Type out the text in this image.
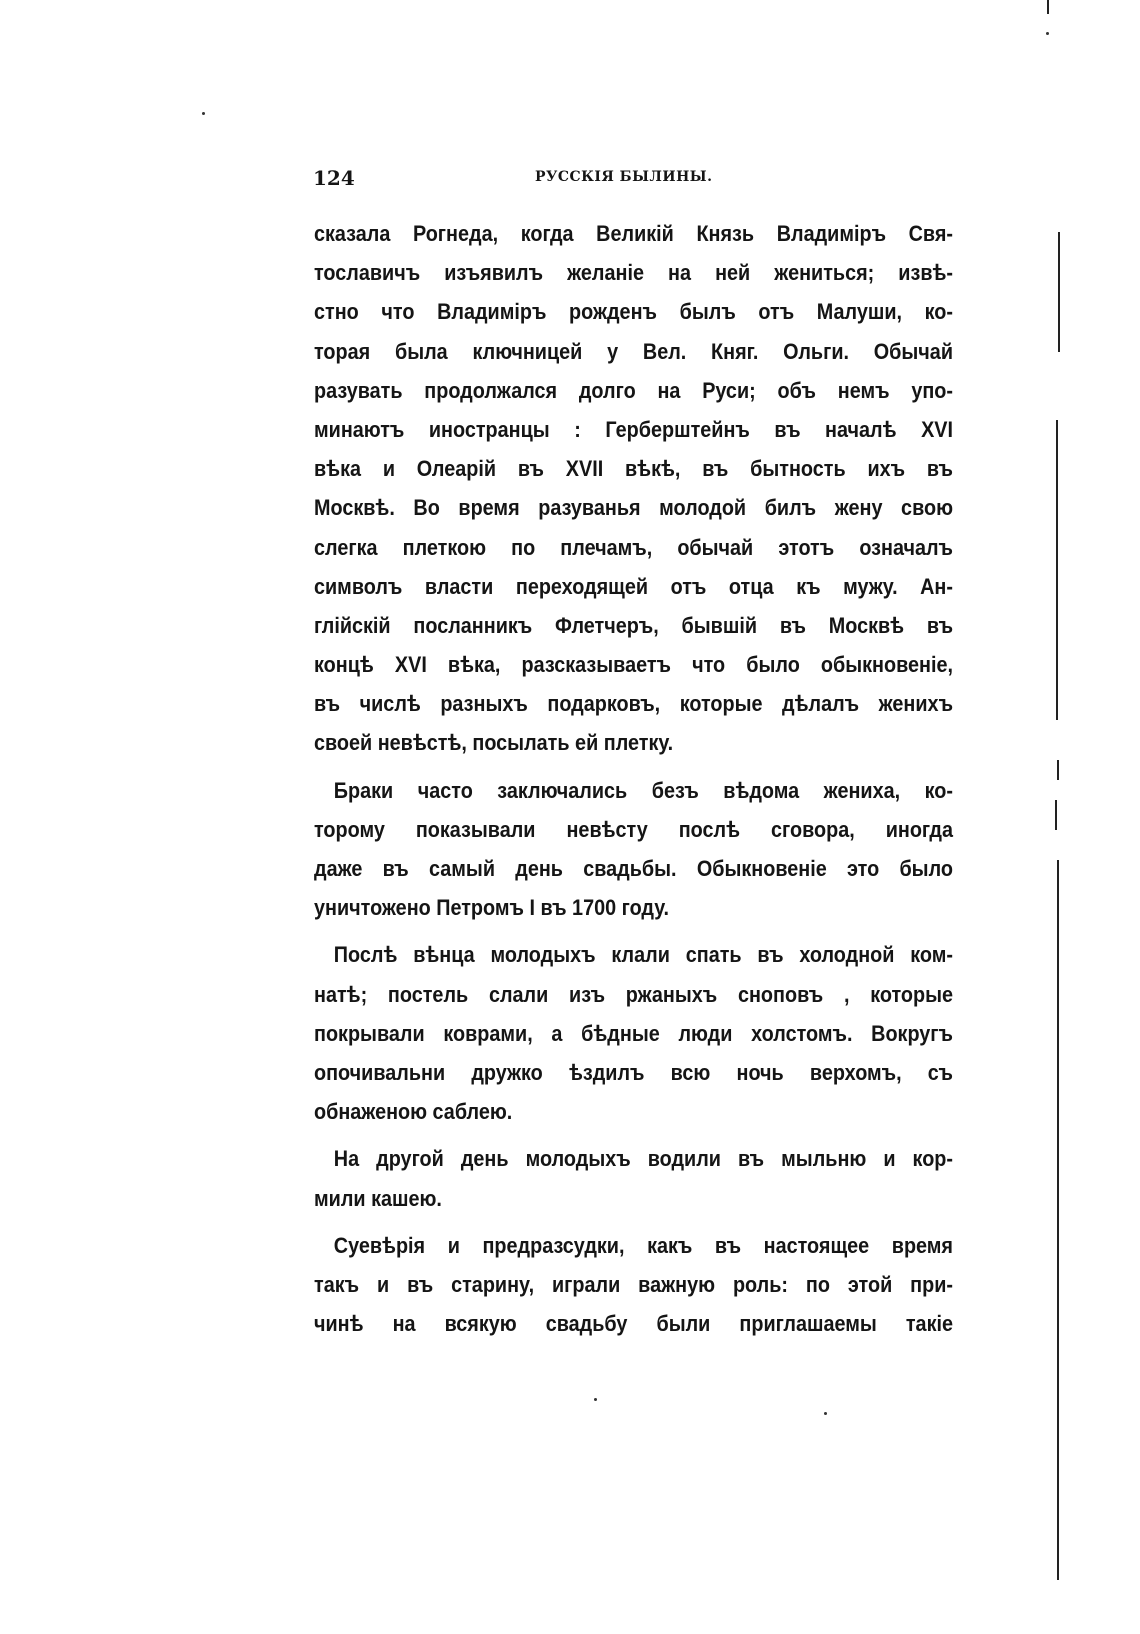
124	РУССКІЯ БЫЛИНЫ.
сказала Рогнеда, когда Великій Князь Владиміръ Свя-
тославичъ изъявилъ желаніе на ней жениться; извѣ-
стно что Владиміръ рожденъ былъ отъ Малуши, ко-
торая была ключницей у Вел. Княг. Ольги. Обычай
разувать продолжался долго на Руси; объ немъ упо-
минаютъ иностранцы : Герберштейнъ въ началѣ XVI
вѣка и Олеарій въ XVII вѣкѣ, въ бытность ихъ въ
Москвѣ. Во время разуванья молодой билъ жену свою
слегка плеткою по плечамъ, обычай этотъ означалъ
символъ власти переходящей отъ отца къ мужу. Ан-
глійскій посланникъ Флетчеръ, бывшій въ Москвѣ въ
концѣ XVI вѣка, разсказываетъ что было обыкновеніе,
въ числѣ разныхъ подарковъ, которые дѣлалъ женихъ
своей невѣстѣ, посылать ей плетку.
Браки часто заключались безъ вѣдома жениха, ко-
торому показывали невѣсту послѣ сговора, иногда
даже въ самый день свадьбы. Обыкновеніе это было
уничтожено Петромъ I въ 1700 году.
Послѣ вѣнца молодыхъ клали спать въ холодной ком-
натѣ; постель слали изъ ржаныхъ сноповъ , которые
покрывали коврами, а бѣдные люди холстомъ. Вокругъ
опочивальни дружко ѣздилъ всю ночь верхомъ, съ
обнаженою саблею.
На другой день молодыхъ водили въ мыльню и кор-
мили кашею.
Суевѣрія и предразсудки, какъ въ настоящее время
такъ и въ старину, играли важную роль: по этой при-
чинѣ на всякую свадьбу были приглашаемы такіе
